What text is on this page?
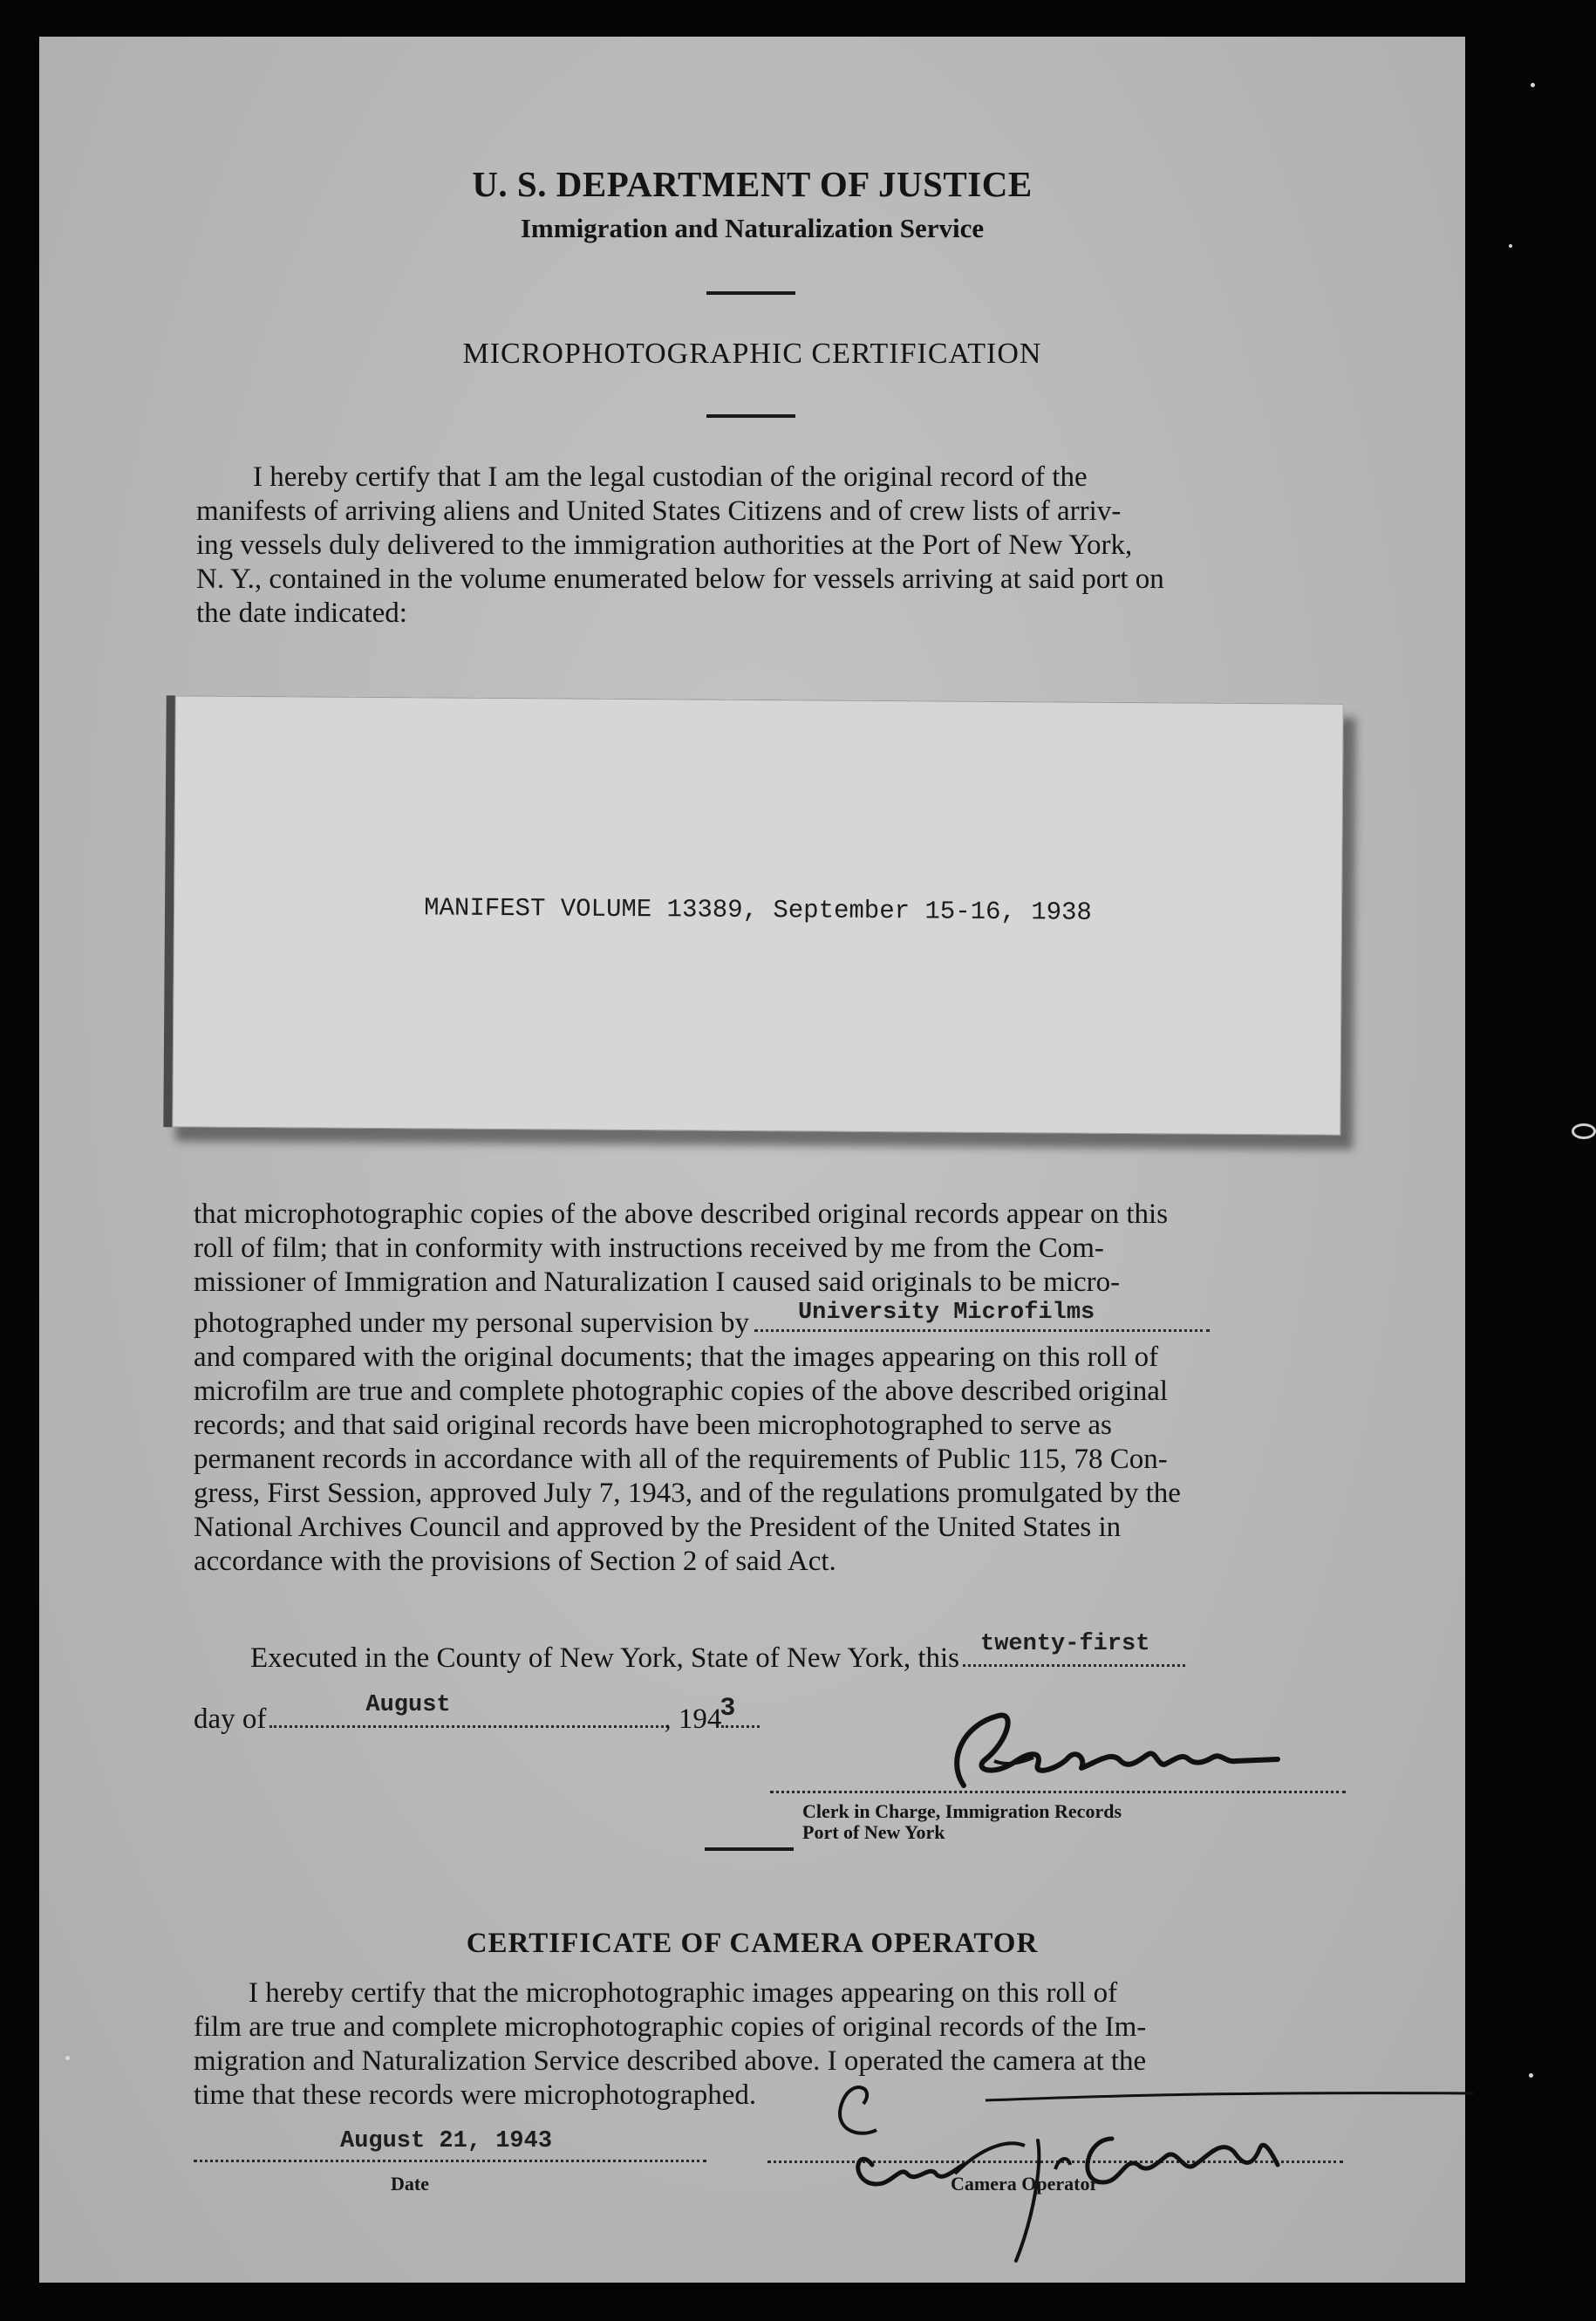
U. S. DEPARTMENT OF JUSTICE
Immigration and Naturalization Service
MICROPHOTOGRAPHIC CERTIFICATION
I hereby certify that I am the legal custodian of the original record of the
manifests of arriving aliens and United States Citizens and of crew lists of arriv-
ing vessels duly delivered to the immigration authorities at the Port of New York,
N. Y., contained in the volume enumerated below for vessels arriving at said port on
the date indicated:
MANIFEST VOLUME 13389, September 15-16, 1938
that microphotographic copies of the above described original records appear on this
roll of film; that in conformity with instructions received by me from the Com-
missioner of Immigration and Naturalization I caused said originals to be micro-
photographed under my personal supervision by University Microfilms
and compared with the original documents; that the images appearing on this roll of
microfilm are true and complete photographic copies of the above described original
records; and that said original records have been microphotographed to serve as
permanent records in accordance with all of the requirements of Public 115, 78 Con-
gress, First Session, approved July 7, 1943, and of the regulations promulgated by the
National Archives Council and approved by the President of the United States in
accordance with the provisions of Section 2 of said Act.
Executed in the County of New York, State of New York, this twenty-first
day of	August	, 194
3
Clerk in Charge, Immigration Records
Port of New York
CERTIFICATE OF CAMERA OPERATOR
I hereby certify that the microphotographic images appearing on this roll of
film are true and complete microphotographic copies of original records of the Im-
migration and Naturalization Service described above. I operated the camera at the
time that these records were microphotographed.
August 21, 1943
Date	Camera Operator
